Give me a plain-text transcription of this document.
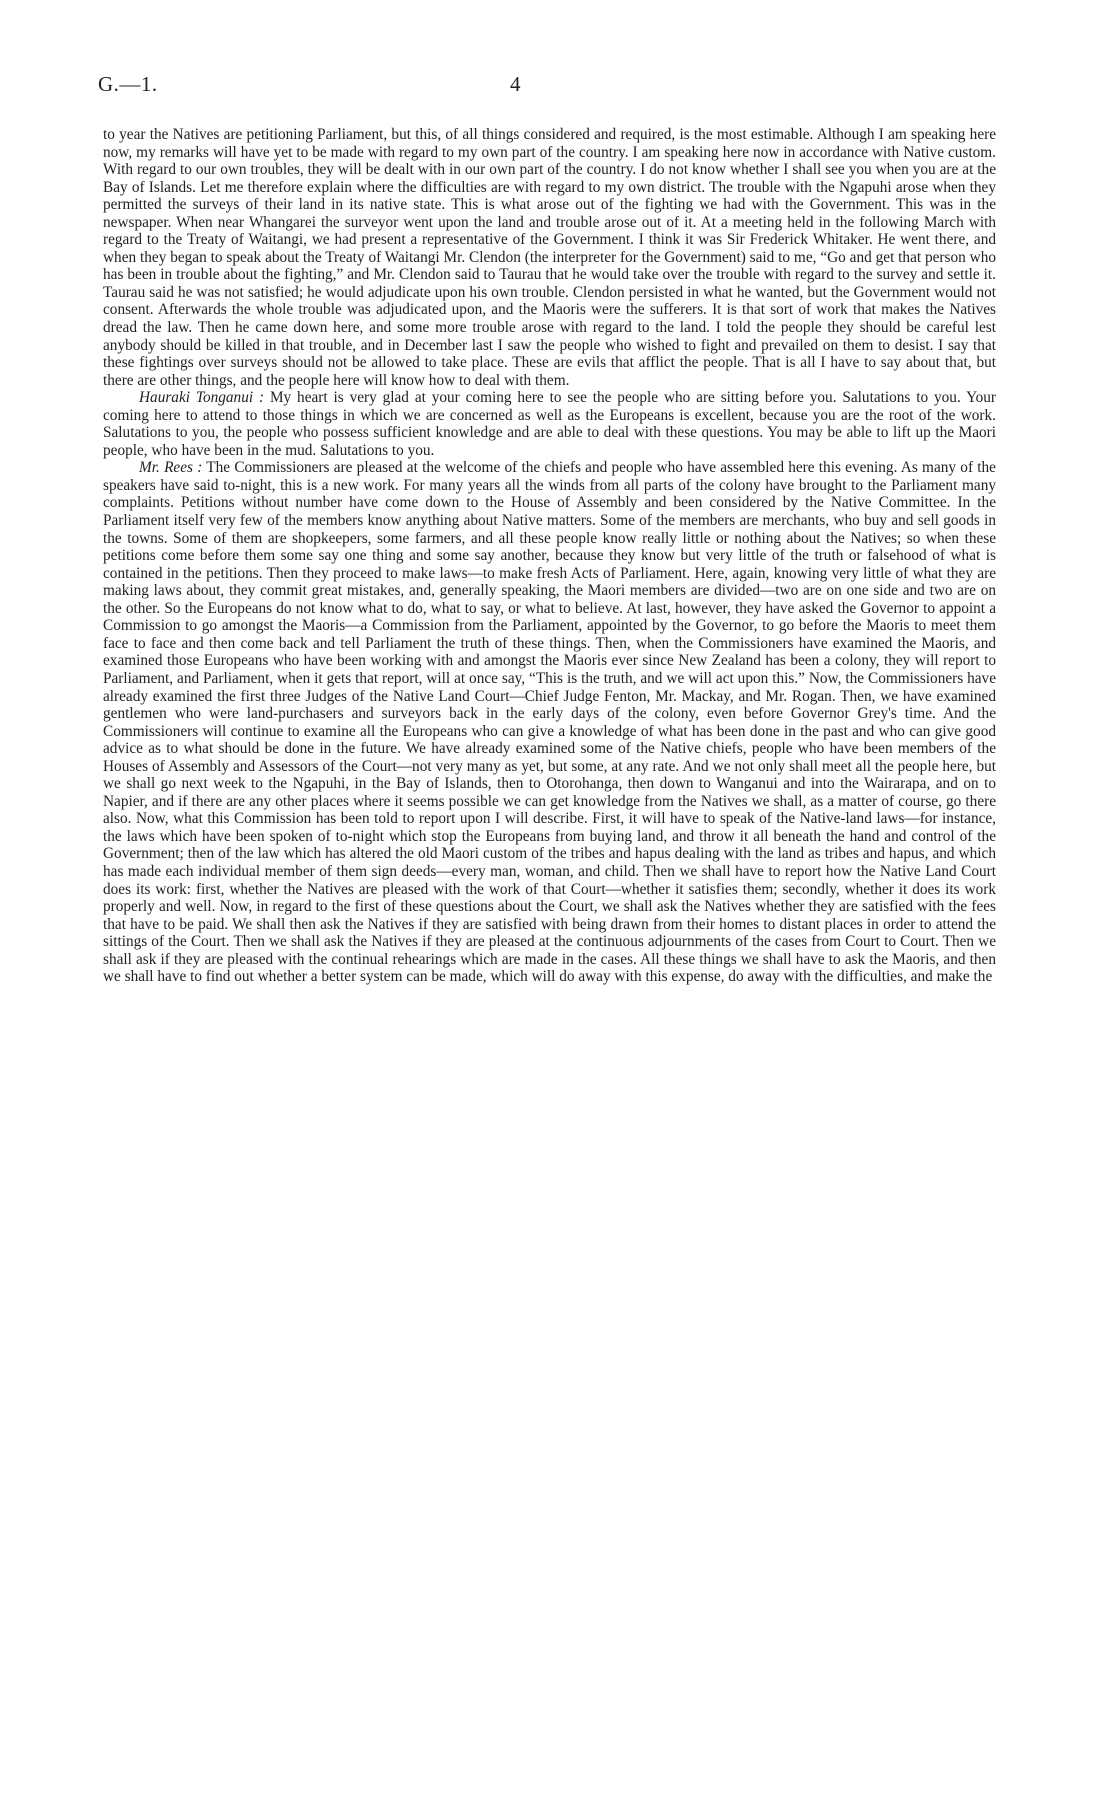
G.—1.	4

to year the Natives are petitioning Parliament, but this, of all things considered and required, is the most estimable. Although I am speaking here now, my remarks will have yet to be made with regard to my own part of the country. I am speaking here now in accordance with Native custom. With regard to our own troubles, they will be dealt with in our own part of the country. I do not know whether I shall see you when you are at the Bay of Islands. Let me therefore explain where the difficulties are with regard to my own district. The trouble with the Ngapuhi arose when they permitted the surveys of their land in its native state. This is what arose out of the fighting we had with the Government. This was in the newspaper. When near Whangarei the surveyor went upon the land and trouble arose out of it. At a meeting held in the following March with regard to the Treaty of Waitangi, we had present a representative of the Government. I think it was Sir Frederick Whitaker. He went there, and when they began to speak about the Treaty of Waitangi Mr. Clendon (the interpreter for the Government) said to me, “Go and get that person who has been in trouble about the fighting,” and Mr. Clendon said to Taurau that he would take over the trouble with regard to the survey and settle it. Taurau said he was not satisfied; he would adjudicate upon his own trouble. Clendon persisted in what he wanted, but the Government would not consent. Afterwards the whole trouble was adjudicated upon, and the Maoris were the sufferers. It is that sort of work that makes the Natives dread the law. Then he came down here, and some more trouble arose with regard to the land. I told the people they should be careful lest anybody should be killed in that trouble, and in December last I saw the people who wished to fight and prevailed on them to desist. I say that these fightings over surveys should not be allowed to take place. These are evils that afflict the people. That is all I have to say about that, but there are other things, and the people here will know how to deal with them.

Hauraki Tonganui : My heart is very glad at your coming here to see the people who are sitting before you. Salutations to you. Your coming here to attend to those things in which we are concerned as well as the Europeans is excellent, because you are the root of the work. Salutations to you, the people who possess sufficient knowledge and are able to deal with these questions. You may be able to lift up the Maori people, who have been in the mud. Salutations to you.

Mr. Rees : The Commissioners are pleased at the welcome of the chiefs and people who have assembled here this evening. As many of the speakers have said to-night, this is a new work. For many years all the winds from all parts of the colony have brought to the Parliament many complaints. Petitions without number have come down to the House of Assembly and been considered by the Native Committee. In the Parliament itself very few of the members know anything about Native matters. Some of the members are merchants, who buy and sell goods in the towns. Some of them are shopkeepers, some farmers, and all these people know really little or nothing about the Natives; so when these petitions come before them some say one thing and some say another, because they know but very little of the truth or falsehood of what is contained in the petitions. Then they proceed to make laws—to make fresh Acts of Parliament. Here, again, knowing very little of what they are making laws about, they commit great mistakes, and, generally speaking, the Maori members are divided—two are on one side and two are on the other. So the Europeans do not know what to do, what to say, or what to believe. At last, however, they have asked the Governor to appoint a Commission to go amongst the Maoris—a Commission from the Parliament, appointed by the Governor, to go before the Maoris to meet them face to face and then come back and tell Parliament the truth of these things. Then, when the Commissioners have examined the Maoris, and examined those Europeans who have been working with and amongst the Maoris ever since New Zealand has been a colony, they will report to Parliament, and Parliament, when it gets that report, will at once say, “This is the truth, and we will act upon this.” Now, the Commissioners have already examined the first three Judges of the Native Land Court—Chief Judge Fenton, Mr. Mackay, and Mr. Rogan. Then, we have examined gentlemen who were land-purchasers and surveyors back in the early days of the colony, even before Governor Grey's time. And the Commissioners will continue to examine all the Europeans who can give a knowledge of what has been done in the past and who can give good advice as to what should be done in the future. We have already examined some of the Native chiefs, people who have been members of the Houses of Assembly and Assessors of the Court—not very many as yet, but some, at any rate. And we not only shall meet all the people here, but we shall go next week to the Ngapuhi, in the Bay of Islands, then to Otorohanga, then down to Wanganui and into the Wairarapa, and on to Napier, and if there are any other places where it seems possible we can get knowledge from the Natives we shall, as a matter of course, go there also. Now, what this Commission has been told to report upon I will describe. First, it will have to speak of the Native-land laws—for instance, the laws which have been spoken of to-night which stop the Europeans from buying land, and throw it all beneath the hand and control of the Government; then of the law which has altered the old Maori custom of the tribes and hapus dealing with the land as tribes and hapus, and which has made each individual member of them sign deeds—every man, woman, and child. Then we shall have to report how the Native Land Court does its work: first, whether the Natives are pleased with the work of that Court—whether it satisfies them; secondly, whether it does its work properly and well. Now, in regard to the first of these questions about the Court, we shall ask the Natives whether they are satisfied with the fees that have to be paid. We shall then ask the Natives if they are satisfied with being drawn from their homes to distant places in order to attend the sittings of the Court. Then we shall ask the Natives if they are pleased at the continuous adjournments of the cases from Court to Court. Then we shall ask if they are pleased with the continual rehearings which are made in the cases. All these things we shall have to ask the Maoris, and then we shall have to find out whether a better system can be made, which will do away with this expense, do away with the difficulties, and make the
